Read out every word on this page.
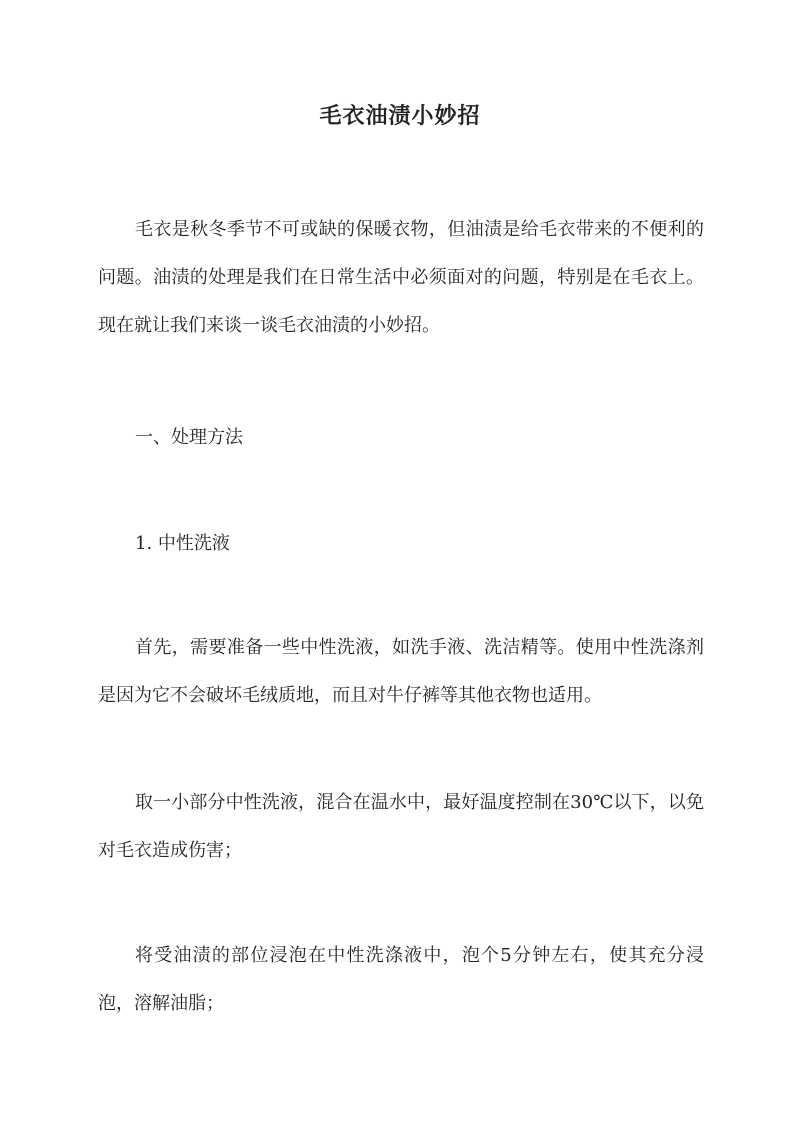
毛衣油渍小妙招

毛衣是秋冬季节不可或缺的保暖衣物，但油渍是给毛衣带来的不便利的问题。油渍的处理是我们在日常生活中必须面对的问题，特别是在毛衣上。现在就让我们来谈一谈毛衣油渍的小妙招。

一、处理方法

1. 中性洗液

首先，需要准备一些中性洗液，如洗手液、洗洁精等。使用中性洗涤剂是因为它不会破坏毛绒质地，而且对牛仔裤等其他衣物也适用。

取一小部分中性洗液，混合在温水中，最好温度控制在30℃以下，以免对毛衣造成伤害；

将受油渍的部位浸泡在中性洗涤液中，泡个5分钟左右，使其充分浸泡，溶解油脂；
